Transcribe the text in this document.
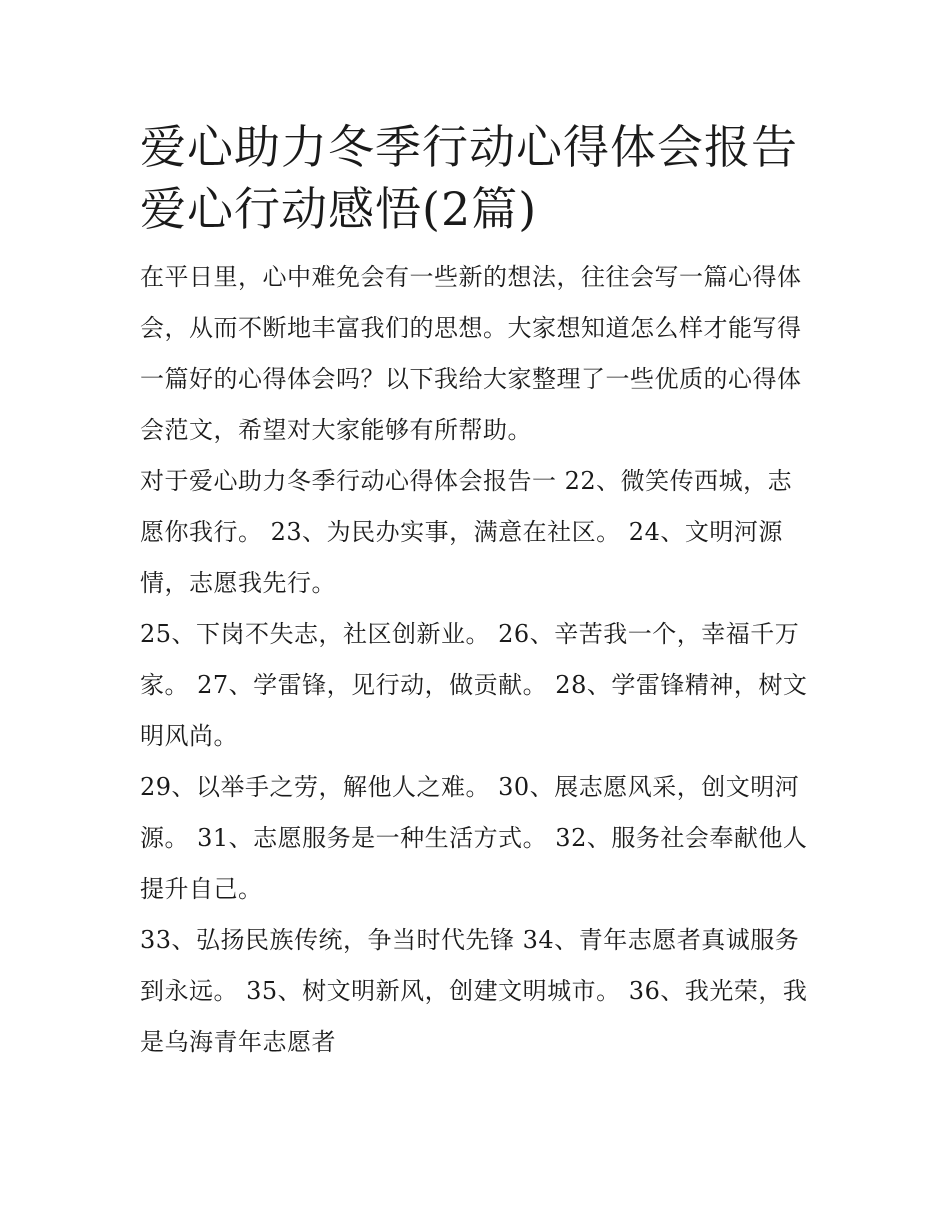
爱心助力冬季行动心得体会报告 爱心行动感悟(2篇)

在平日里，心中难免会有一些新的想法，往往会写一篇心得体会，从而不断地丰富我们的思想。大家想知道怎么样才能写得一篇好的心得体会吗？以下我给大家整理了一些优质的心得体会范文，希望对大家能够有所帮助。

对于爱心助力冬季行动心得体会报告一 22、微笑传西城，志愿你我行。 23、为民办实事，满意在社区。 24、文明河源情，志愿我先行。

25、下岗不失志，社区创新业。 26、辛苦我一个，幸福千万家。 27、学雷锋，见行动，做贡献。 28、学雷锋精神，树文明风尚。

29、以举手之劳，解他人之难。 30、展志愿风采，创文明河源。 31、志愿服务是一种生活方式。 32、服务社会奉献他人提升自己。

33、弘扬民族传统，争当时代先锋 34、青年志愿者真诚服务到永远。 35、树文明新风，创建文明城市。 36、我光荣，我是乌海青年志愿者
